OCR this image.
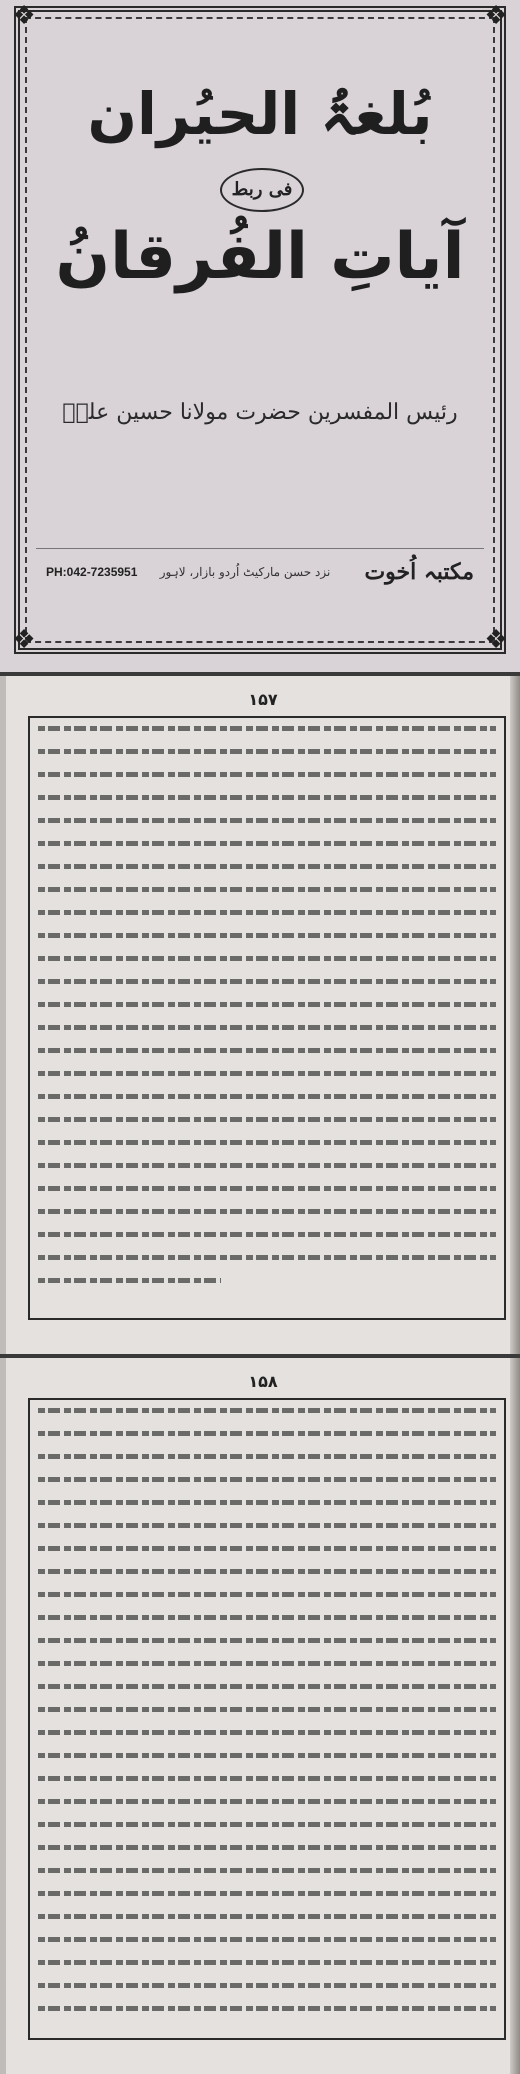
❖	❖
❖	❖
بُلغۃُ الحیُران
فی ربط
آیاتِ الفُرقانُ
رئیس المفسرین حضرت مولانا حسین علیؒ
مکتبہ اُخوت
نزد حسن مارکیٹ اُردو بازار، لاہور
PH:042-7235951
١۵٧
١۵٨
